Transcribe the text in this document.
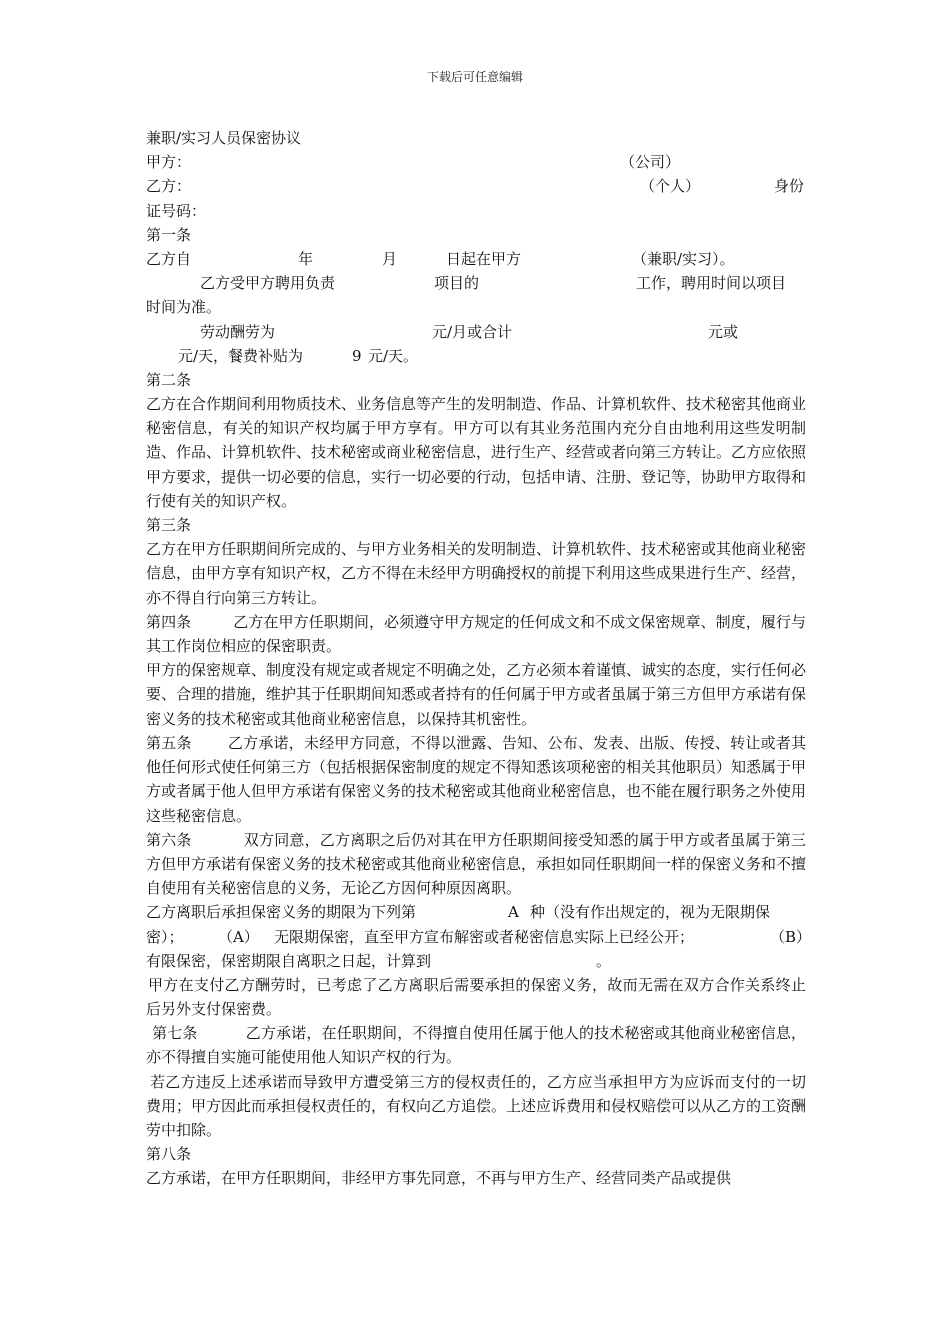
下载后可任意编辑
兼职/实习人员保密协议
甲方：	（公司）
乙方：	（个人）	身份
证号码：
第一条
乙方自	年	月	日起在甲方	（兼职/实习）。
乙方受甲方聘用负责	项目的	工作，聘用时间以项目
时间为准。
劳动酬劳为	元/月或合计	元或
元/天，餐费补贴为	9 元/天。
第二条
乙方在合作期间利用物质技术、业务信息等产生的发明制造、作品、计算机软件、技术秘密其他商业秘密信息，有关的知识产权均属于甲方享有。甲方可以有其业务范围内充分自由地利用这些发明制造、作品、计算机软件、技术秘密或商业秘密信息，进行生产、经营或者向第三方转让。乙方应依照甲方要求，提供一切必要的信息，实行一切必要的行动，包括申请、注册、登记等，协助甲方取得和行使有关的知识产权。
第三条
乙方在甲方任职期间所完成的、与甲方业务相关的发明制造、计算机软件、技术秘密或其他商业秘密信息，由甲方享有知识产权，乙方不得在未经甲方明确授权的前提下利用这些成果进行生产、经营，亦不得自行向第三方转让。
第四条	乙方在甲方任职期间，必须遵守甲方规定的任何成文和不成文保密规章、制度，履行与其工作岗位相应的保密职责。
甲方的保密规章、制度没有规定或者规定不明确之处，乙方必须本着谨慎、诚实的态度，实行任何必要、合理的措施，维护其于任职期间知悉或者持有的任何属于甲方或者虽属于第三方但甲方承诺有保密义务的技术秘密或其他商业秘密信息，以保持其机密性。
第五条 乙方承诺，未经甲方同意，不得以泄露、告知、公布、发表、出版、传授、转让或者其他任何形式使任何第三方（包括根据保密制度的规定不得知悉该项秘密的相关其他职员）知悉属于甲方或者属于他人但甲方承诺有保密义务的技术秘密或其他商业秘密信息，也不能在履行职务之外使用这些秘密信息。
第六条	双方同意，乙方离职之后仍对其在甲方任职期间接受知悉的属于甲方或者虽属于第三方但甲方承诺有保密义务的技术秘密或其他商业秘密信息，承担如同任职期间一样的保密义务和不擅自使用有关秘密信息的义务，无论乙方因何种原因离职。
乙方离职后承担保密义务的期限为下列第	A 种（没有作出规定的，视为无限期保
密）； （A） 无限期保密，直至甲方宣布解密或者秘密信息实际上已经公开；	（B）
有限保密，保密期限自离职之日起，计算到	。
甲方在支付乙方酬劳时，已考虑了乙方离职后需要承担的保密义务，故而无需在双方合作关系终止后另外支付保密费。
第七条	乙方承诺，在任职期间，不得擅自使用任属于他人的技术秘密或其他商业秘密信息，亦不得擅自实施可能使用他人知识产权的行为。
若乙方违反上述承诺而导致甲方遭受第三方的侵权责任的，乙方应当承担甲方为应诉而支付的一切费用；甲方因此而承担侵权责任的，有权向乙方追偿。上述应诉费用和侵权赔偿可以从乙方的工资酬劳中扣除。
第八条
乙方承诺，在甲方任职期间，非经甲方事先同意，不再与甲方生产、经营同类产品或提供
